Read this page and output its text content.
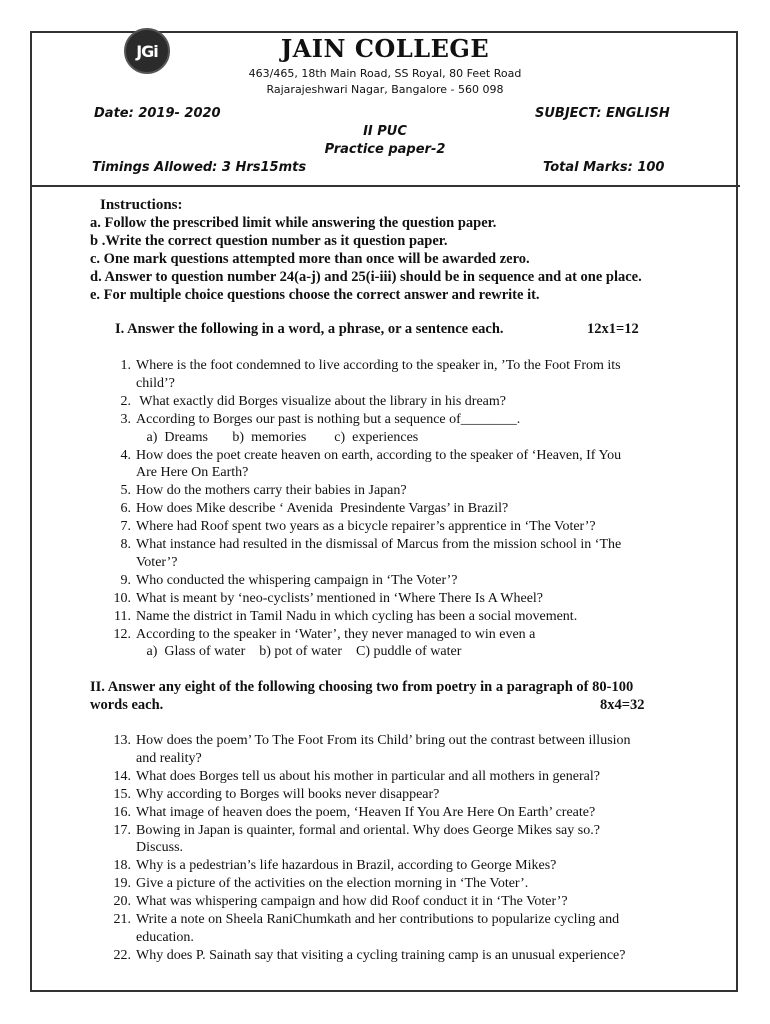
JGi	JAIN COLLEGE
463/465, 18th Main Road, SS Royal, 80 Feet Road
Rajarajeshwari Nagar, Bangalore - 560 098
Date: 2019- 2020	SUBJECT: ENGLISH
II PUC
Practice paper-2
Timings Allowed: 3 Hrs15mts	Total Marks: 100
Instructions:
a. Follow the prescribed limit while answering the question paper.
b .Write the correct question number as it question paper.
c. One mark questions attempted more than once will be awarded zero.
d. Answer to question number 24(a-j) and 25(i-iii) should be in sequence and at one place.
e. For multiple choice questions choose the correct answer and rewrite it.
I. Answer the following in a word, a phrase, or a sentence each.	12x1=12
1. Where is the foot condemned to live according to the speaker in, ’To the Foot From its
child’?
2. What exactly did Borges visualize about the library in his dream?
3. According to Borges our past is nothing but a sequence of________.
a)  Dreams       b)  memories        c)  experiences
4. How does the poet create heaven on earth, according to the speaker of ‘Heaven, If You
Are Here On Earth?
5. How do the mothers carry their babies in Japan?
6. How does Mike describe ‘ Avenida  Presindente Vargas’ in Brazil?
7. Where had Roof spent two years as a bicycle repairer’s apprentice in ‘The Voter’?
8. What instance had resulted in the dismissal of Marcus from the mission school in ‘The
Voter’?
9. Who conducted the whispering campaign in ‘The Voter’?
10. What is meant by ‘neo-cyclists’ mentioned in ‘Where There Is A Wheel?
11. Name the district in Tamil Nadu in which cycling has been a social movement.
12. According to the speaker in ‘Water’, they never managed to win even a
a)  Glass of water    b) pot of water    C) puddle of water
II. Answer any eight of the following choosing two from poetry in a paragraph of 80-100
words each.	8x4=32
13. How does the poem’ To The Foot From its Child’ bring out the contrast between illusion
and reality?
14. What does Borges tell us about his mother in particular and all mothers in general?
15. Why according to Borges will books never disappear?
16. What image of heaven does the poem, ‘Heaven If You Are Here On Earth’ create?
17. Bowing in Japan is quainter, formal and oriental. Why does George Mikes say so.?
Discuss.
18. Why is a pedestrian’s life hazardous in Brazil, according to George Mikes?
19. Give a picture of the activities on the election morning in ‘The Voter’.
20. What was whispering campaign and how did Roof conduct it in ‘The Voter’?
21. Write a note on Sheela RaniChumkath and her contributions to popularize cycling and
education.
22. Why does P. Sainath say that visiting a cycling training camp is an unusual experience?
